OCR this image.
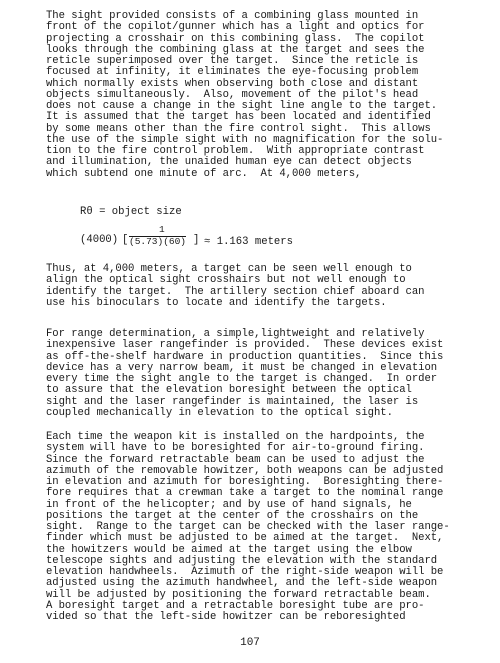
The sight provided consists of a combining glass mounted in
front of the copilot/gunner which has a light and optics for
projecting a crosshair on this combining glass.  The copilot
looks through the combining glass at the target and sees the
reticle superimposed over the target.  Since the reticle is
focused at infinity, it eliminates the eye-focusing problem
which normally exists when observing both close and distant
objects simultaneously.  Also, movement of the pilot's head
does not cause a change in the sight line angle to the target.
It is assumed that the target has been located and identified
by some means other than the fire control sight.  This allows
the use of the simple sight with no magnification for the solu-
tion to the fire control problem.  With appropriate contrast
and illumination, the unaided human eye can detect objects
which subtend one minute of arc.  At 4,000 meters,
Rθ = object size
(4000) [
1
(5.73)(60) ] ≈ 1.163 meters
Thus, at 4,000 meters, a target can be seen well enough to
align the optical sight crosshairs but not well enough to
identify the target.  The artillery section chief aboard can
use his binoculars to locate and identify the targets.
For range determination, a simple,lightweight and relatively
inexpensive laser rangefinder is provided.  These devices exist
as off-the-shelf hardware in production quantities.  Since this
device has a very narrow beam, it must be changed in elevation
every time the sight angle to the target is changed.  In order
to assure that the elevation boresight between the optical
sight and the laser rangefinder is maintained, the laser is
coupled mechanically in elevation to the optical sight.
Each time the weapon kit is installed on the hardpoints, the
system will have to be boresighted for air-to-ground firing.
Since the forward retractable beam can be used to adjust the
azimuth of the removable howitzer, both weapons can be adjusted
in elevation and azimuth for boresighting.  Boresighting there-
fore requires that a crewman take a target to the nominal range
in front of the helicopter; and by use of hand signals, he
positions the target at the center of the crosshairs on the
sight.  Range to the target can be checked with the laser range-
finder which must be adjusted to be aimed at the target.  Next,
the howitzers would be aimed at the target using the elbow
telescope sights and adjusting the elevation with the standard
elevation handwheels.  Azimuth of the right-side weapon will be
adjusted using the azimuth handwheel, and the left-side weapon
will be adjusted by positioning the forward retractable beam.
A boresight target and a retractable boresight tube are pro-
vided so that the left-side howitzer can be reboresighted
107
